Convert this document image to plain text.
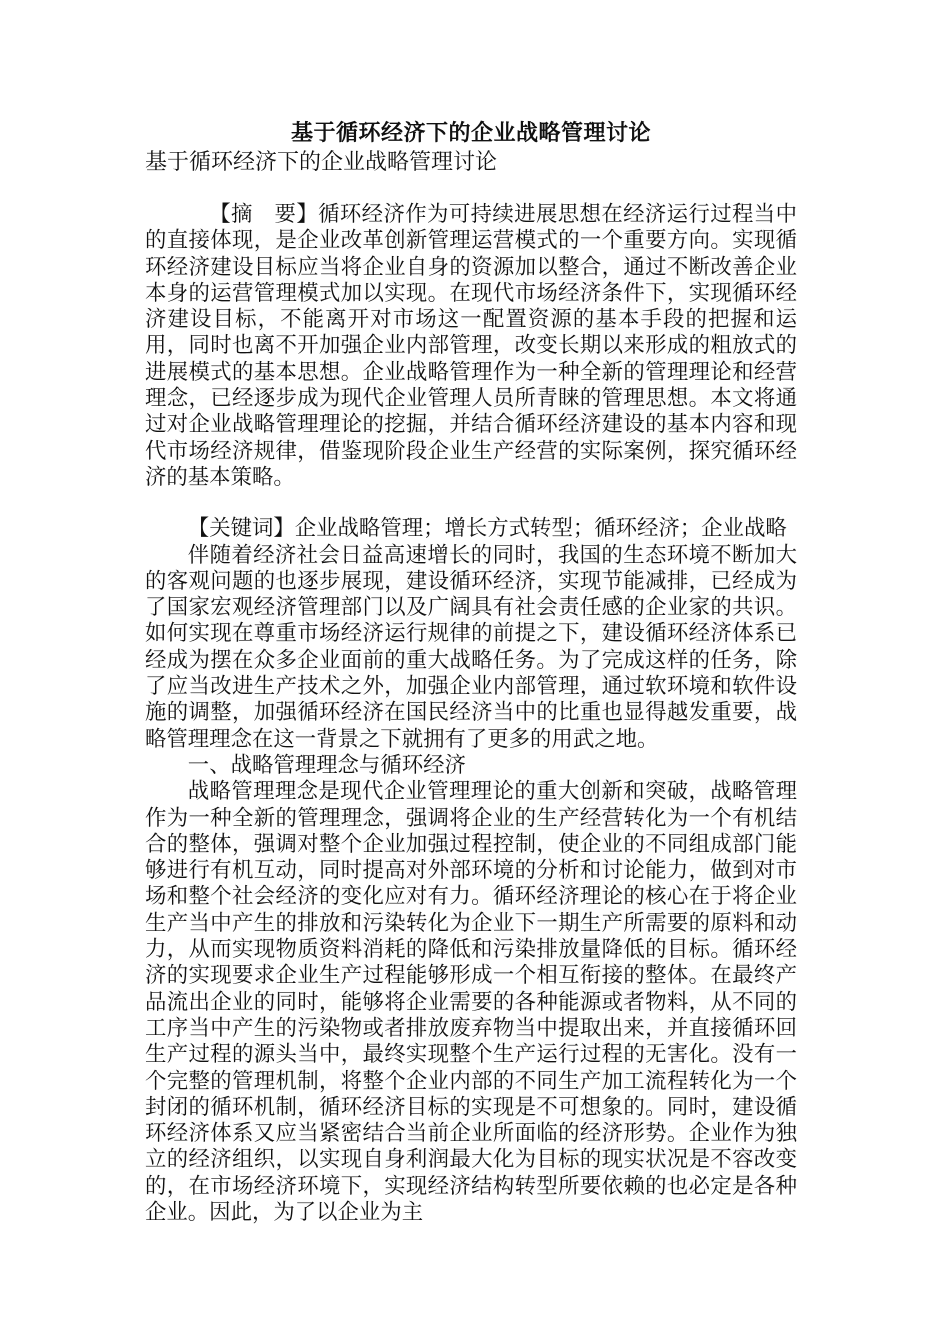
基于循环经济下的企业战略管理讨论

基于循环经济下的企业战略管理讨论

【摘　要】循环经济作为可持续进展思想在经济运行过程当中的直接体现，是企业改革创新管理运营模式的一个重要方向。实现循环经济建设目标应当将企业自身的资源加以整合，通过不断改善企业本身的运营管理模式加以实现。在现代市场经济条件下，实现循环经济建设目标，不能离开对市场这一配置资源的基本手段的把握和运用，同时也离不开加强企业内部管理，改变长期以来形成的粗放式的进展模式的基本思想。企业战略管理作为一种全新的管理理论和经营理念，已经逐步成为现代企业管理人员所青睐的管理思想。本文将通过对企业战略管理理论的挖掘，并结合循环经济建设的基本内容和现代市场经济规律，借鉴现阶段企业生产经营的实际案例，探究循环经济的基本策略。

【关键词】企业战略管理；增长方式转型；循环经济；企业战略

伴随着经济社会日益高速增长的同时，我国的生态环境不断加大的客观问题的也逐步展现，建设循环经济，实现节能减排，已经成为了国家宏观经济管理部门以及广阔具有社会责任感的企业家的共识。如何实现在尊重市场经济运行规律的前提之下，建设循环经济体系已经成为摆在众多企业面前的重大战略任务。为了完成这样的任务，除了应当改进生产技术之外，加强企业内部管理，通过软环境和软件设施的调整，加强循环经济在国民经济当中的比重也显得越发重要，战略管理理念在这一背景之下就拥有了更多的用武之地。

一、战略管理理念与循环经济

战略管理理念是现代企业管理理论的重大创新和突破，战略管理作为一种全新的管理理念，强调将企业的生产经营转化为一个有机结合的整体，强调对整个企业加强过程控制，使企业的不同组成部门能够进行有机互动，同时提高对外部环境的分析和讨论能力，做到对市场和整个社会经济的变化应对有力。循环经济理论的核心在于将企业生产当中产生的排放和污染转化为企业下一期生产所需要的原料和动力，从而实现物质资料消耗的降低和污染排放量降低的目标。循环经济的实现要求企业生产过程能够形成一个相互衔接的整体。在最终产品流出企业的同时，能够将企业需要的各种能源或者物料，从不同的工序当中产生的污染物或者排放废弃物当中提取出来，并直接循环回生产过程的源头当中，最终实现整个生产运行过程的无害化。没有一个完整的管理机制，将整个企业内部的不同生产加工流程转化为一个封闭的循环机制，循环经济目标的实现是不可想象的。同时，建设循环经济体系又应当紧密结合当前企业所面临的经济形势。企业作为独立的经济组织，以实现自身利润最大化为目标的现实状况是不容改变的，在市场经济环境下，实现经济结构转型所要依赖的也必定是各种企业。因此，为了以企业为主
